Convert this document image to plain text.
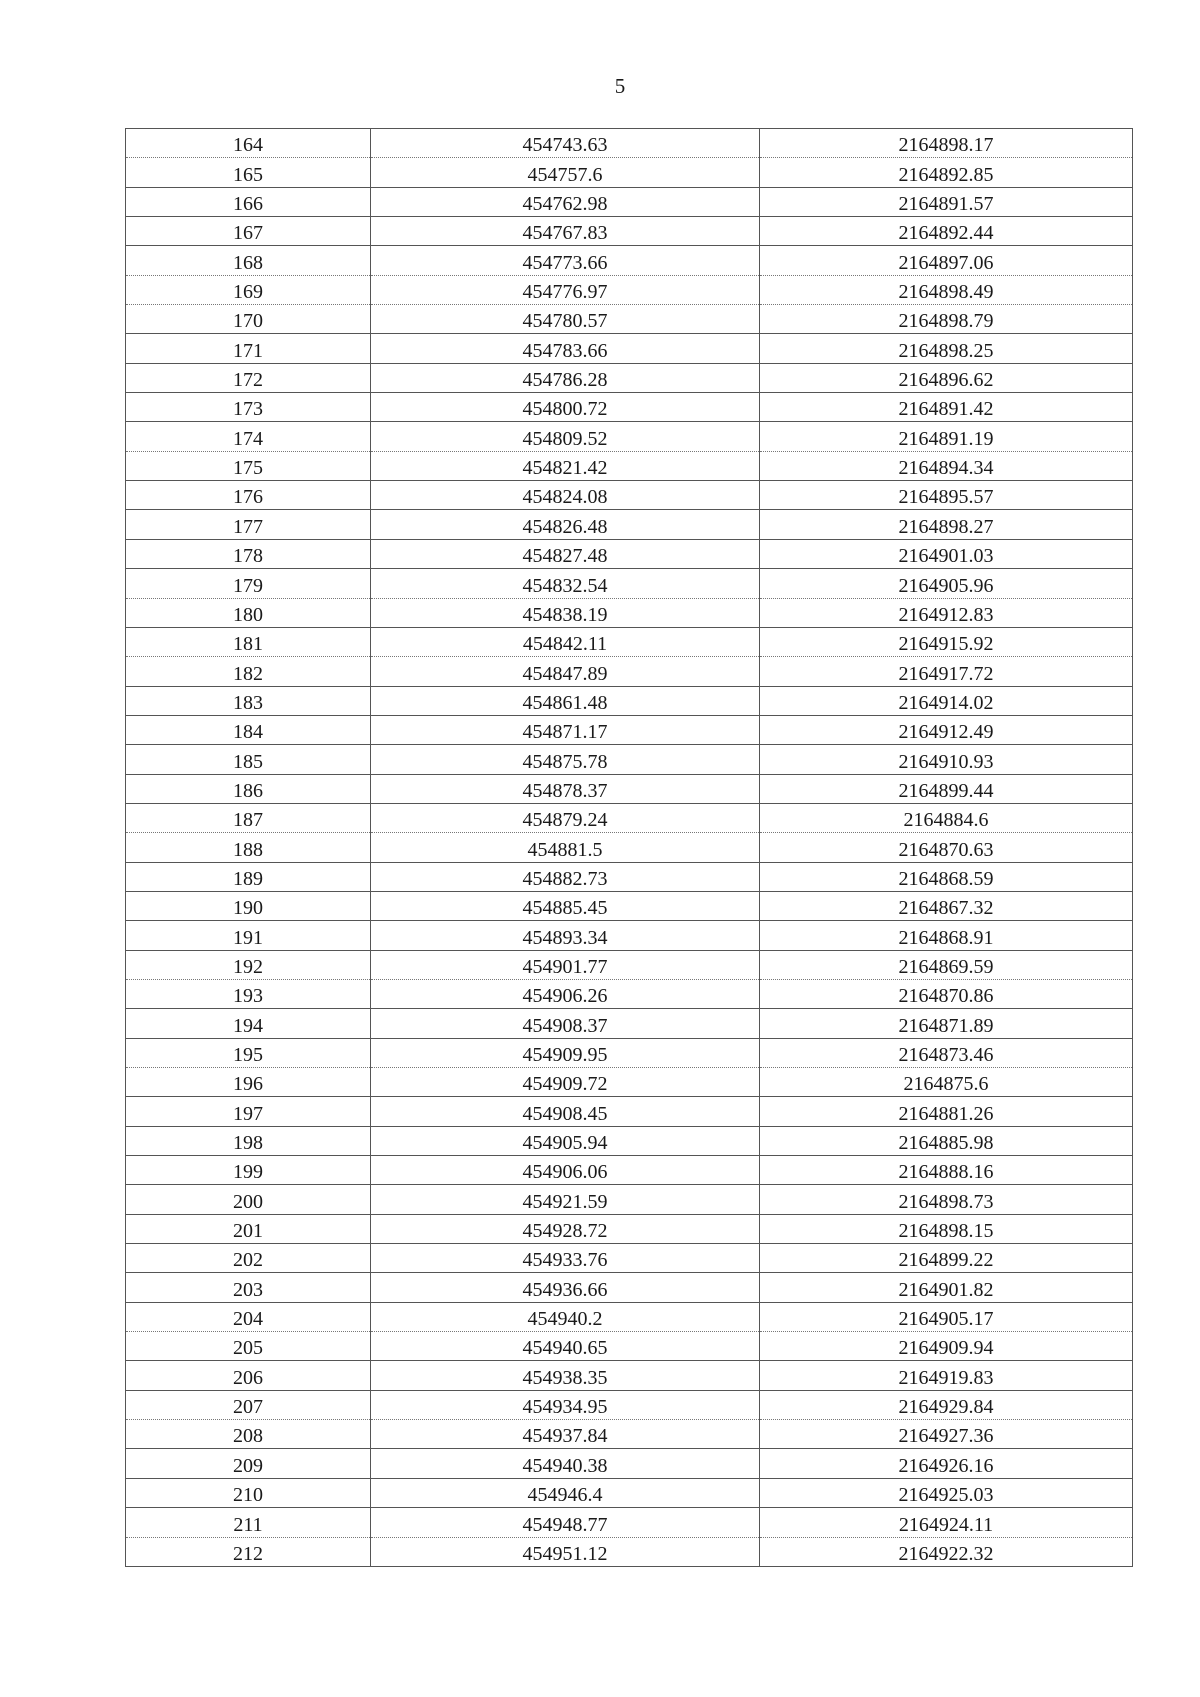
5
164	454743.63	2164898.17
165	454757.6	2164892.85
166	454762.98	2164891.57
167	454767.83	2164892.44
168	454773.66	2164897.06
169	454776.97	2164898.49
170	454780.57	2164898.79
171	454783.66	2164898.25
172	454786.28	2164896.62
173	454800.72	2164891.42
174	454809.52	2164891.19
175	454821.42	2164894.34
176	454824.08	2164895.57
177	454826.48	2164898.27
178	454827.48	2164901.03
179	454832.54	2164905.96
180	454838.19	2164912.83
181	454842.11	2164915.92
182	454847.89	2164917.72
183	454861.48	2164914.02
184	454871.17	2164912.49
185	454875.78	2164910.93
186	454878.37	2164899.44
187	454879.24	2164884.6
188	454881.5	2164870.63
189	454882.73	2164868.59
190	454885.45	2164867.32
191	454893.34	2164868.91
192	454901.77	2164869.59
193	454906.26	2164870.86
194	454908.37	2164871.89
195	454909.95	2164873.46
196	454909.72	2164875.6
197	454908.45	2164881.26
198	454905.94	2164885.98
199	454906.06	2164888.16
200	454921.59	2164898.73
201	454928.72	2164898.15
202	454933.76	2164899.22
203	454936.66	2164901.82
204	454940.2	2164905.17
205	454940.65	2164909.94
206	454938.35	2164919.83
207	454934.95	2164929.84
208	454937.84	2164927.36
209	454940.38	2164926.16
210	454946.4	2164925.03
211	454948.77	2164924.11
212	454951.12	2164922.32
